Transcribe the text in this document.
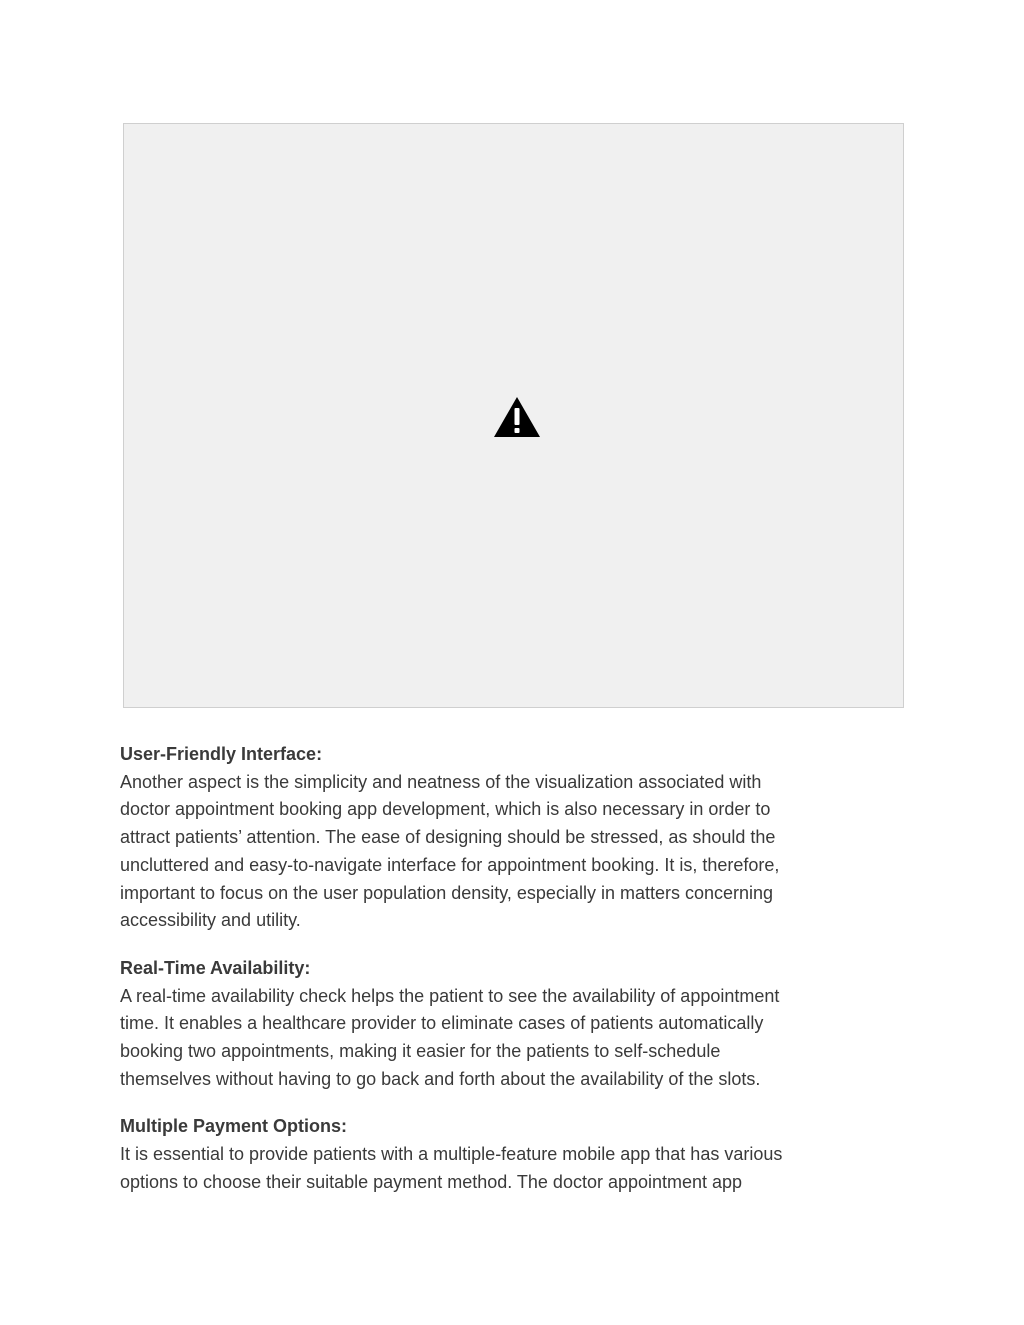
User-Friendly Interface:

Another aspect is the simplicity and neatness of the visualization associated with
doctor appointment booking app development, which is also necessary in order to
attract patients’ attention. The ease of designing should be stressed, as should the
uncluttered and easy-to-navigate interface for appointment booking. It is, therefore,
important to focus on the user population density, especially in matters concerning
accessibility and utility.

Real-Time Availability:

A real-time availability check helps the patient to see the availability of appointment
time. It enables a healthcare provider to eliminate cases of patients automatically
booking two appointments, making it easier for the patients to self-schedule
themselves without having to go back and forth about the availability of the slots.

Multiple Payment Options:

It is essential to provide patients with a multiple-feature mobile app that has various
options to choose their suitable payment method. The doctor appointment app
